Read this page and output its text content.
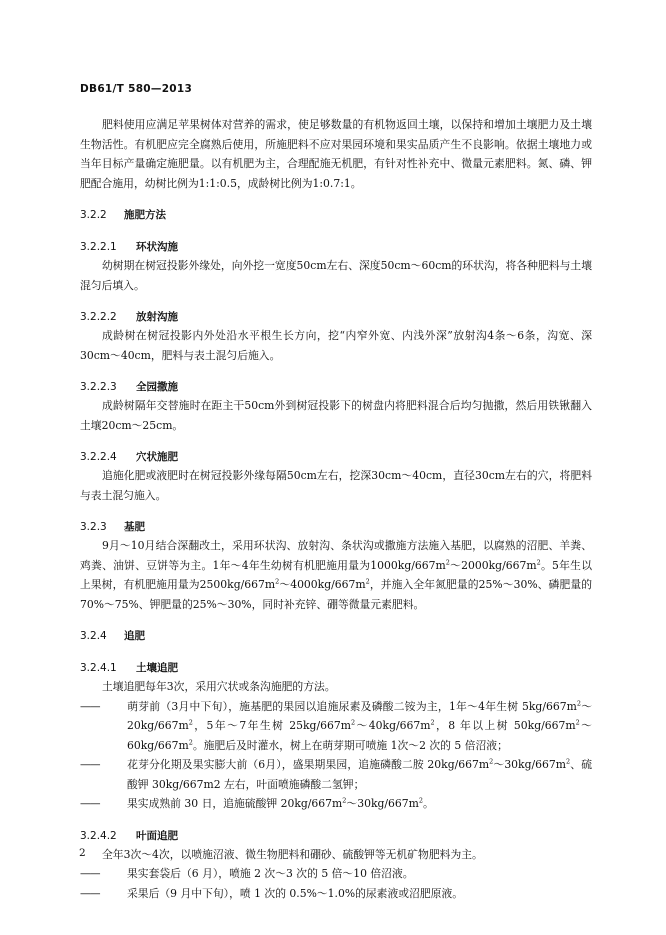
DB61/T 580—2013

肥料使用应满足苹果树体对营养的需求，使足够数量的有机物返回土壤，以保持和增加土壤肥力及土壤生物活性。有机肥应完全腐熟后使用，所施肥料不应对果园环境和果实品质产生不良影响。依据土壤地力或当年目标产量确定施肥量。以有机肥为主，合理配施无机肥，有针对性补充中、微量元素肥料。氮、磷、钾肥配合施用，幼树比例为1:1:0.5，成龄树比例为1:0.7:1。

3.2.2 施肥方法

3.2.2.1 环状沟施

幼树期在树冠投影外缘处，向外挖一宽度50cm左右、深度50cm～60cm的环状沟，将各种肥料与土壤混匀后填入。

3.2.2.2 放射沟施

成龄树在树冠投影内外处沿水平根生长方向，挖“内窄外宽、内浅外深”放射沟4条～6条，沟宽、深30cm～40cm，肥料与表土混匀后施入。

3.2.2.3 全园撒施

成龄树隔年交替施时在距主干50cm外到树冠投影下的树盘内将肥料混合后均匀抛撒，然后用铁锹翻入土壤20cm～25cm。

3.2.2.4 穴状施肥

追施化肥或液肥时在树冠投影外缘每隔50cm左右，挖深30cm～40cm，直径30cm左右的穴，将肥料与表土混匀施入。

3.2.3 基肥

9月～10月结合深翻改土，采用环状沟、放射沟、条状沟或撒施方法施入基肥，以腐熟的沼肥、羊粪、鸡粪、油饼、豆饼等为主。1年～4年生幼树有机肥施用量为$1000kg/667m^2\sim 2000kg/667m^2$。5年生以上果树，有机肥施用量为$2500kg/667m^2\sim 4000kg/667m^2$，并施入全年氮肥量的25%～30%、磷肥量的70%～75%、钾肥量的25%～30%，同时补充锌、硼等微量元素肥料。

3.2.4 追肥

3.2.4.1 土壤追肥

土壤追肥每年3次，采用穴状或条沟施肥的方法。

——	萌芽前（3月中下旬），施基肥的果园以追施尿素及磷酸二铵为主，1年～4年生树 $5kg/667m^2\sim 20kg/667m^2$，5年～7年生树 $25kg/667m^2\sim 40kg/667m^2$，8 年以上树 $50kg/667m^2\sim 60kg/667m^2$。施肥后及时灌水，树上在萌芽期可喷施 1次～2 次的 5 倍沼液；

——	花芽分化期及果实膨大前（6月），盛果期果园，追施磷酸二胺 $20kg/667m^2\sim 30kg/667m^2$、硫酸钾 30kg/667m2 左右，叶面喷施磷酸二氢钾；

——	果实成熟前 30 日，追施硫酸钾 $20kg/667m^2\sim 30kg/667m^2$。

3.2.4.2 叶面追肥

全年3次～4次，以喷施沼液、微生物肥料和硼砂、硫酸钾等无机矿物肥料为主。

——	果实套袋后（6 月），喷施 2 次～3 次的 5 倍～10 倍沼液。

——	采果后（9 月中下旬），喷 1 次的 0.5%～1.0%的尿素液或沼肥原液。

2
